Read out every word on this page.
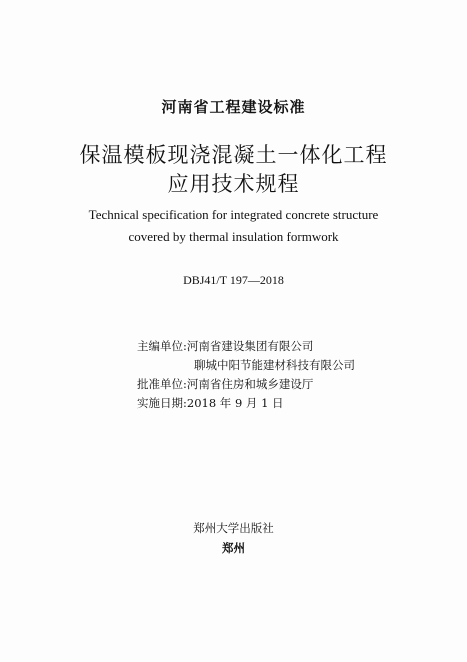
河南省工程建设标准
保温模板现浇混凝土一体化工程
应用技术规程
Technical specification for integrated concrete structure
covered by thermal insulation formwork
DBJ41/T 197—2018
主编单位:河南省建设集团有限公司
聊城中阳节能建材科技有限公司
批准单位:河南省住房和城乡建设厅
实施日期:2018 年 9 月 1 日
郑州大学出版社
郑州
